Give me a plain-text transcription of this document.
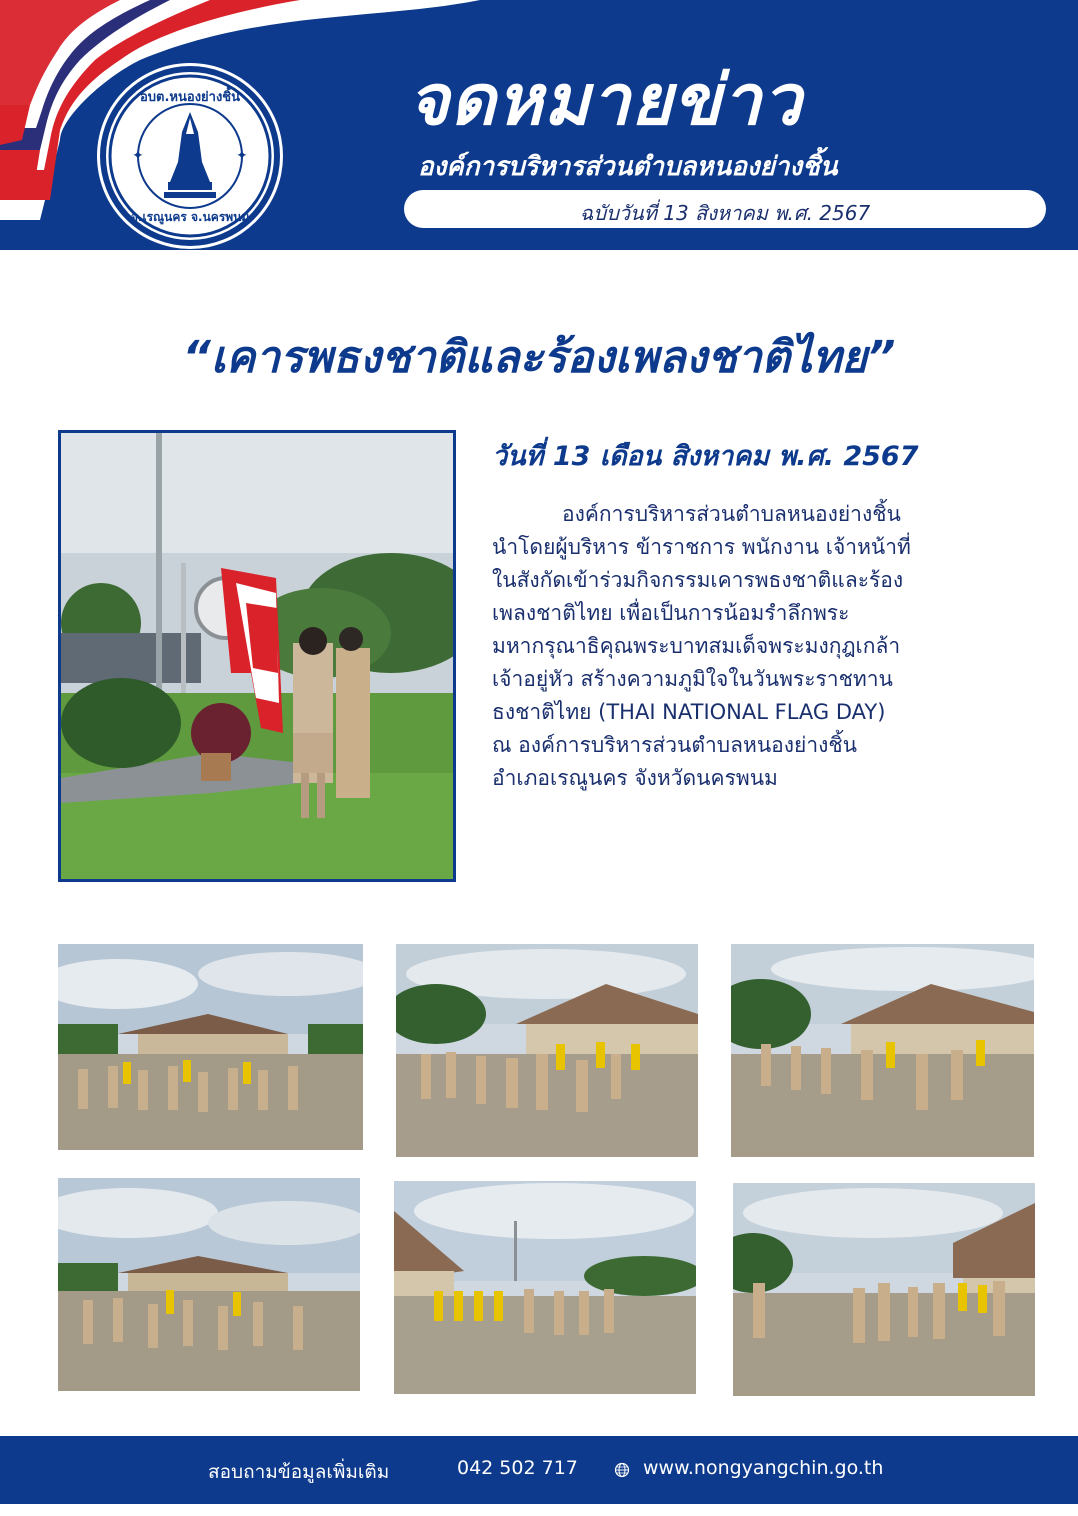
✦	✦
อบต.หนองย่างชิ้น
อ.เรณูนคร จ.นครพนม
จดหมายข่าว
องค์การบริหารส่วนตำบลหนองย่างชิ้น
ฉบับวันที่ 13 สิงหาคม พ.ศ. 2567
“เคารพธงชาติและร้องเพลงชาติไทย”
วันที่ 13 เดือน สิงหาคม พ.ศ. 2567
องค์การบริหารส่วนตำบลหนองย่างชิ้น
นำโดยผู้บริหาร ข้าราชการ พนักงาน เจ้าหน้าที่
ในสังกัดเข้าร่วมกิจกรรมเคารพธงชาติและร้อง
เพลงชาติไทย เพื่อเป็นการน้อมรำลึกพระ
มหากรุณาธิคุณพระบาทสมเด็จพระมงกุฎเกล้า
เจ้าอยู่หัว สร้างความภูมิใจในวันพระราชทาน
ธงชาติไทย (THAI NATIONAL FLAG DAY)
ณ องค์การบริหารส่วนตำบลหนองย่างชิ้น
อำเภอเรณูนคร จังหวัดนครพนม
สอบถามข้อมูลเพิ่มเติม	042 502 717	www.nongyangchin.go.th
